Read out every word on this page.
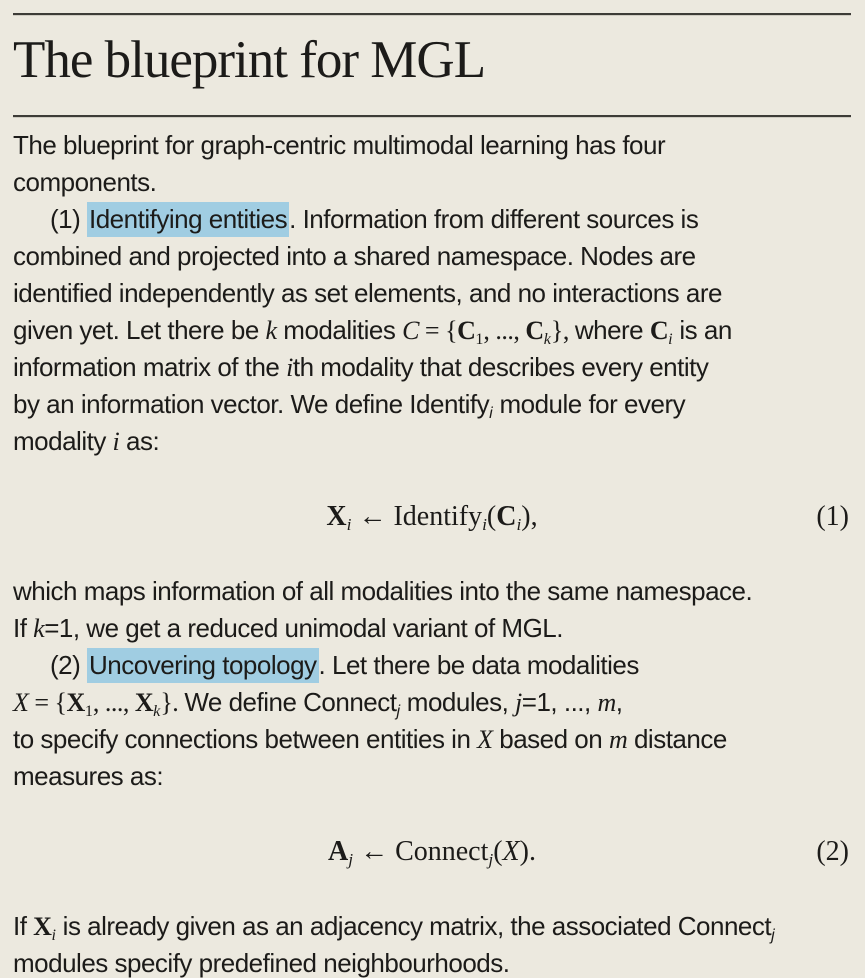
The blueprint for MGL
The blueprint for graph-centric multimodal learning has four
components.
(1) Identifying entities. Information from different sources is
combined and projected into a shared namespace. Nodes are
identified independently as set elements, and no interactions are
given yet. Let there be k modalities C = {C1, ..., Ck}, where Ci is an
information matrix of the ith modality that describes every entity
by an information vector. We define Identifyi module for every
modality i as:
Xi ← Identifyi(Ci),	(1)
which maps information of all modalities into the same namespace.
If k=1, we get a reduced unimodal variant of MGL.
(2) Uncovering topology. Let there be data modalities
X = {X1, ..., Xk}. We define Connectj modules, j=1, ..., m,
to specify connections between entities in X based on m distance
measures as:
Aj ← Connectj(X).	(2)
If Xi is already given as an adjacency matrix, the associated Connectj
modules specify predefined neighbourhoods.
